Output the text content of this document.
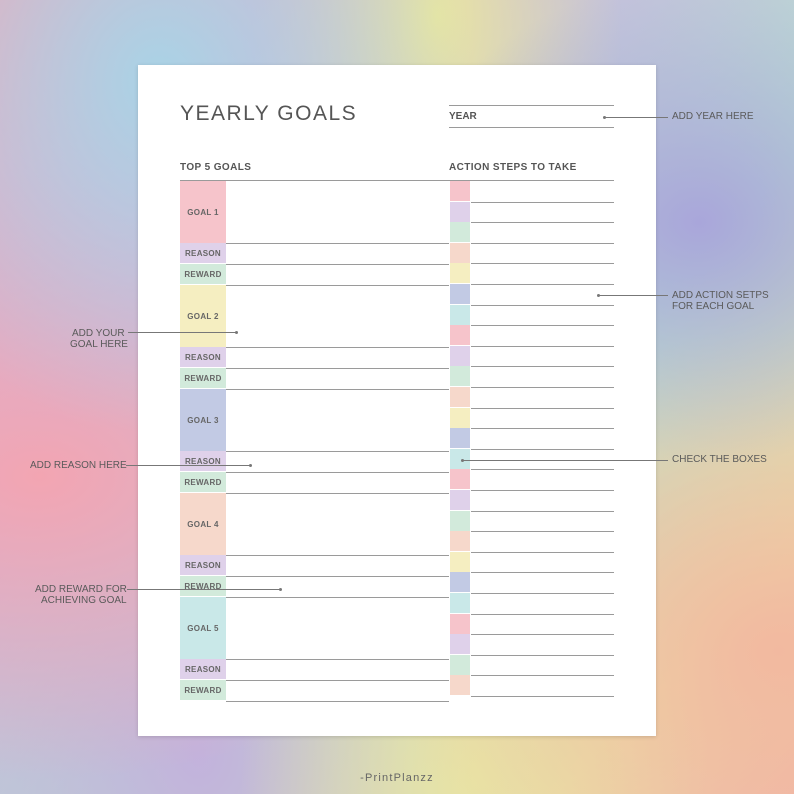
YEARLY GOALS	YEAR
TOP 5 GOALS	ACTION STEPS TO TAKE
GOAL 1
REASON
REWARD
GOAL 2
REASON
REWARD
GOAL 3
REASON
REWARD
GOAL 4
REASON
REWARD
GOAL 5
REASON
REWARD
ADD YEAR HERE
ADD ACTION SETPS
FOR EACH GOAL
ADD YOUR
GOAL HERE
CHECK THE BOXES
ADD REASON HERE
ADD REWARD FOR
ACHIEVING GOAL
-PrintPlanzz
